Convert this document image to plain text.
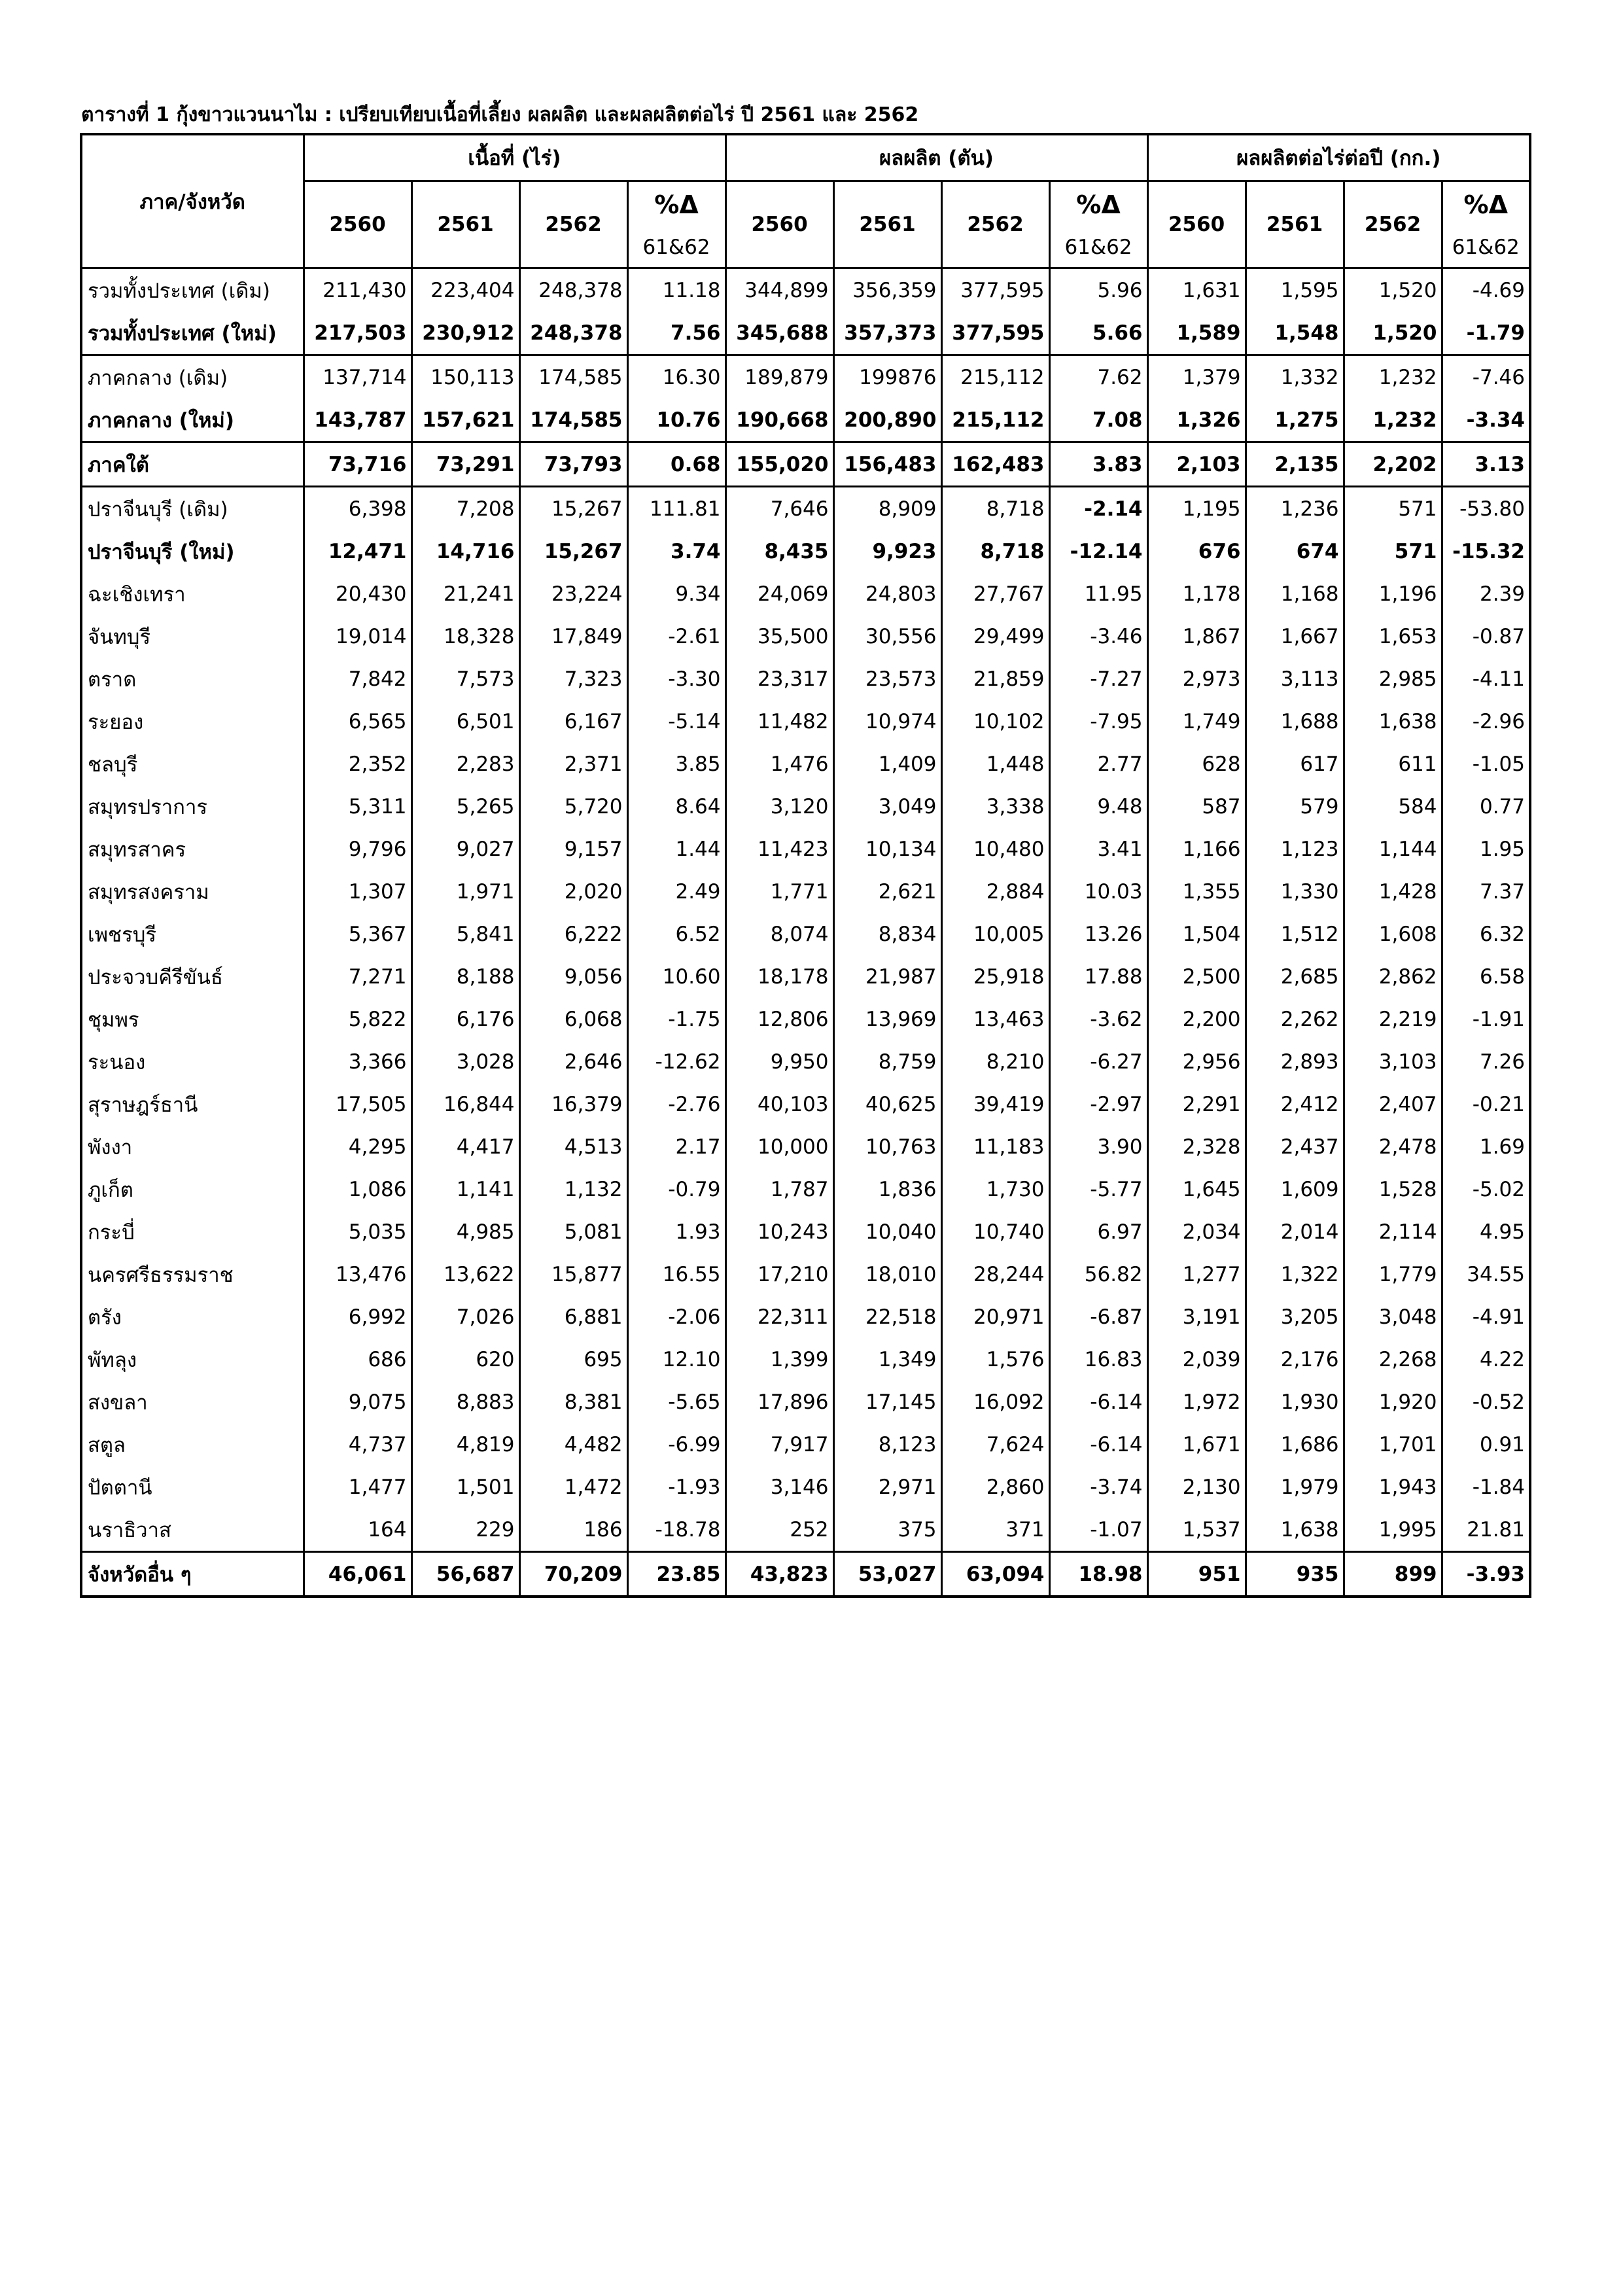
ตารางที่ 1 กุ้งขาวแวนนาไม : เปรียบเทียบเนื้อที่เลี้ยง ผลผลิต และผลผลิตต่อไร่ ปี 2561 และ 2562
ภาค/จังหวัด	เนื้อที่ (ไร่)				ผลผลิต (ตัน)				ผลผลิตต่อไร่ต่อปี (กก.)			
	2560	2561	2562	%Δ	2560	2561	2562	%Δ	2560	2561	2562	%Δ
				61&62				61&62				61&62
รวมทั้งประเทศ (เดิม)	211,430	223,404	248,378	11.18	344,899	356,359	377,595	5.96	1,631	1,595	1,520	-4.69
รวมทั้งประเทศ (ใหม่)	217,503	230,912	248,378	7.56	345,688	357,373	377,595	5.66	1,589	1,548	1,520	-1.79
ภาคกลาง (เดิม)	137,714	150,113	174,585	16.30	189,879	199876	215,112	7.62	1,379	1,332	1,232	-7.46
ภาคกลาง (ใหม่)	143,787	157,621	174,585	10.76	190,668	200,890	215,112	7.08	1,326	1,275	1,232	-3.34
ภาคใต้	73,716	73,291	73,793	0.68	155,020	156,483	162,483	3.83	2,103	2,135	2,202	3.13
ปราจีนบุรี (เดิม)	6,398	7,208	15,267	111.81	7,646	8,909	8,718	-2.14	1,195	1,236	571	-53.80
ปราจีนบุรี (ใหม่)	12,471	14,716	15,267	3.74	8,435	9,923	8,718	-12.14	676	674	571	-15.32
ฉะเชิงเทรา	20,430	21,241	23,224	9.34	24,069	24,803	27,767	11.95	1,178	1,168	1,196	2.39
จันทบุรี	19,014	18,328	17,849	-2.61	35,500	30,556	29,499	-3.46	1,867	1,667	1,653	-0.87
ตราด	7,842	7,573	7,323	-3.30	23,317	23,573	21,859	-7.27	2,973	3,113	2,985	-4.11
ระยอง	6,565	6,501	6,167	-5.14	11,482	10,974	10,102	-7.95	1,749	1,688	1,638	-2.96
ชลบุรี	2,352	2,283	2,371	3.85	1,476	1,409	1,448	2.77	628	617	611	-1.05
สมุทรปราการ	5,311	5,265	5,720	8.64	3,120	3,049	3,338	9.48	587	579	584	0.77
สมุทรสาคร	9,796	9,027	9,157	1.44	11,423	10,134	10,480	3.41	1,166	1,123	1,144	1.95
สมุทรสงคราม	1,307	1,971	2,020	2.49	1,771	2,621	2,884	10.03	1,355	1,330	1,428	7.37
เพชรบุรี	5,367	5,841	6,222	6.52	8,074	8,834	10,005	13.26	1,504	1,512	1,608	6.32
ประจวบคีรีขันธ์	7,271	8,188	9,056	10.60	18,178	21,987	25,918	17.88	2,500	2,685	2,862	6.58
ชุมพร	5,822	6,176	6,068	-1.75	12,806	13,969	13,463	-3.62	2,200	2,262	2,219	-1.91
ระนอง	3,366	3,028	2,646	-12.62	9,950	8,759	8,210	-6.27	2,956	2,893	3,103	7.26
สุราษฎร์ธานี	17,505	16,844	16,379	-2.76	40,103	40,625	39,419	-2.97	2,291	2,412	2,407	-0.21
พังงา	4,295	4,417	4,513	2.17	10,000	10,763	11,183	3.90	2,328	2,437	2,478	1.69
ภูเก็ต	1,086	1,141	1,132	-0.79	1,787	1,836	1,730	-5.77	1,645	1,609	1,528	-5.02
กระบี่	5,035	4,985	5,081	1.93	10,243	10,040	10,740	6.97	2,034	2,014	2,114	4.95
นครศรีธรรมราช	13,476	13,622	15,877	16.55	17,210	18,010	28,244	56.82	1,277	1,322	1,779	34.55
ตรัง	6,992	7,026	6,881	-2.06	22,311	22,518	20,971	-6.87	3,191	3,205	3,048	-4.91
พัทลุง	686	620	695	12.10	1,399	1,349	1,576	16.83	2,039	2,176	2,268	4.22
สงขลา	9,075	8,883	8,381	-5.65	17,896	17,145	16,092	-6.14	1,972	1,930	1,920	-0.52
สตูล	4,737	4,819	4,482	-6.99	7,917	8,123	7,624	-6.14	1,671	1,686	1,701	0.91
ปัตตานี	1,477	1,501	1,472	-1.93	3,146	2,971	2,860	-3.74	2,130	1,979	1,943	-1.84
นราธิวาส	164	229	186	-18.78	252	375	371	-1.07	1,537	1,638	1,995	21.81
จังหวัดอื่น ๆ	46,061	56,687	70,209	23.85	43,823	53,027	63,094	18.98	951	935	899	-3.93
